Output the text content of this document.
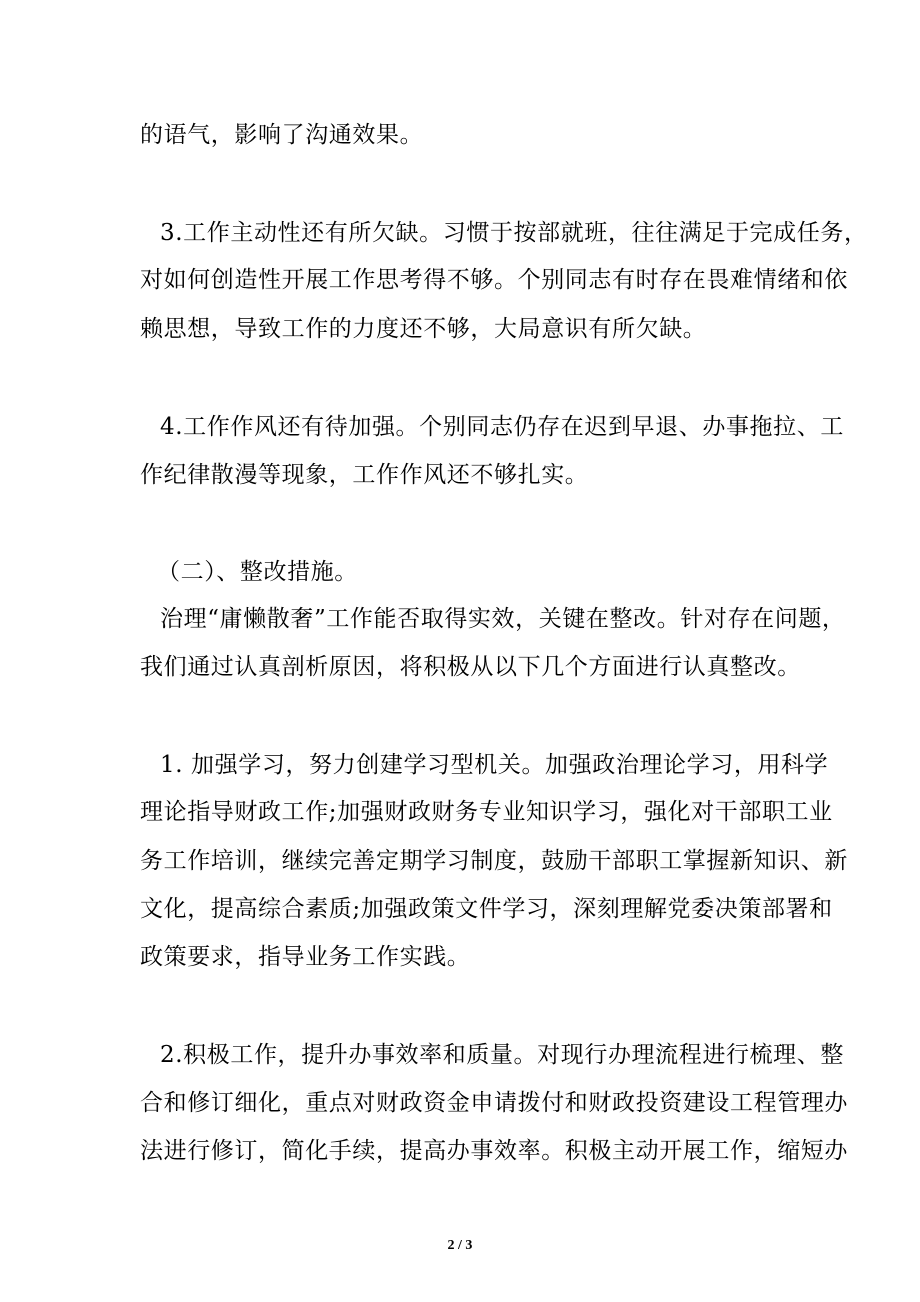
的语气，影响了沟通效果。
3.工作主动性还有所欠缺。习惯于按部就班，往往满足于完成任务，
对如何创造性开展工作思考得不够。个别同志有时存在畏难情绪和依
赖思想，导致工作的力度还不够，大局意识有所欠缺。
4.工作作风还有待加强。个别同志仍存在迟到早退、办事拖拉、工
作纪律散漫等现象，工作作风还不够扎实。
（二）、整改措施。
治理“庸懒散奢”工作能否取得实效，关键在整改。针对存在问题，
我们通过认真剖析原因，将积极从以下几个方面进行认真整改。
1. 加强学习，努力创建学习型机关。加强政治理论学习，用科学
理论指导财政工作;加强财政财务专业知识学习，强化对干部职工业
务工作培训，继续完善定期学习制度，鼓励干部职工掌握新知识、新
文化，提高综合素质;加强政策文件学习，深刻理解党委决策部署和
政策要求，指导业务工作实践。
2.积极工作，提升办事效率和质量。对现行办理流程进行梳理、整
合和修订细化，重点对财政资金申请拨付和财政投资建设工程管理办
法进行修订，简化手续，提高办事效率。积极主动开展工作，缩短办
2 / 3
